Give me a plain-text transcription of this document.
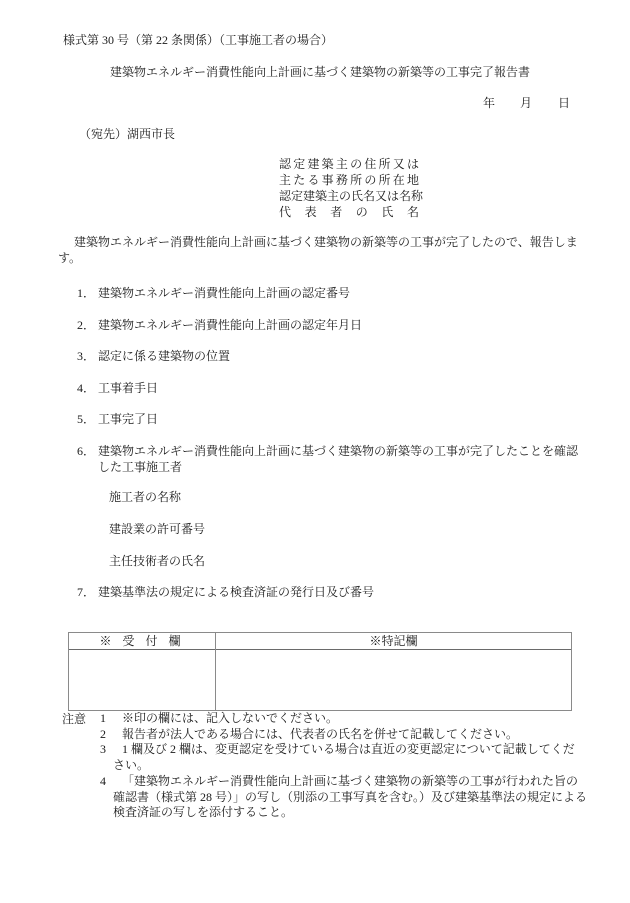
様式第 30 号（第 22 条関係）（工事施工者の場合）
建築物エネルギー消費性能向上計画に基づく建築物の新築等の工事完了報告書
年 月 日
（宛先）湖西市長
認定建築主の住所又は
主たる事務所の所在地
認定建築主の氏名又は名称
代表者の氏名
建築物エネルギー消費性能向上計画に基づく建築物の新築等の工事が完了したので、報告しま
す。
1． 建築物エネルギー消費性能向上計画の認定番号
2． 建築物エネルギー消費性能向上計画の認定年月日
3． 認定に係る建築物の位置
4． 工事着手日
5． 工事完了日
6． 建築物エネルギー消費性能向上計画に基づく建築物の新築等の工事が完了したことを確認
した工事施工者
施工者の名称
建設業の許可番号
主任技術者の氏名
7． 建築基準法の規定による検査済証の発行日及び番号
※ 受 付 欄	※特記欄
注意 1 ※印の欄には、記入しないでください。
2 報告者が法人である場合には、代表者の氏名を併せて記載してください。
3 1 欄及び 2 欄は、変更認定を受けている場合は直近の変更認定について記載してくだ
さい。
4 「建築物エネルギー消費性能向上計画に基づく建築物の新築等の工事が行われた旨の
確認書（様式第 28 号）」の写し（別添の工事写真を含む。）及び建築基準法の規定による
検査済証の写しを添付すること。
